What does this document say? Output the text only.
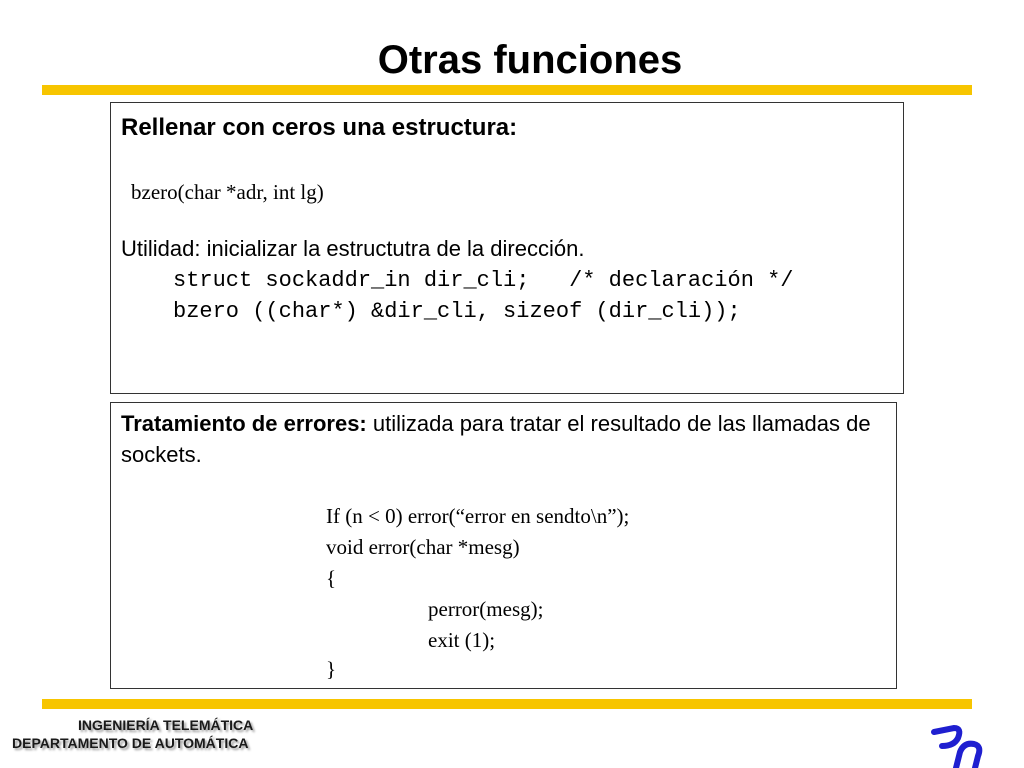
Otras funciones
Rellenar con ceros una estructura:
bzero(char *adr, int lg)
Utilidad: inicializar la estructutra de la dirección.
struct sockaddr_in dir_cli;   /* declaración */
bzero ((char*) &dir_cli, sizeof (dir_cli));
Tratamiento de errores: utilizada para tratar el resultado de las llamadas de sockets.
If (n < 0) error(“error en sendto\n”);
void error(char *mesg)
{
perror(mesg);
exit (1);
}
INGENIERÍA TELEMÁTICA
DEPARTAMENTO DE AUTOMÁTICA
